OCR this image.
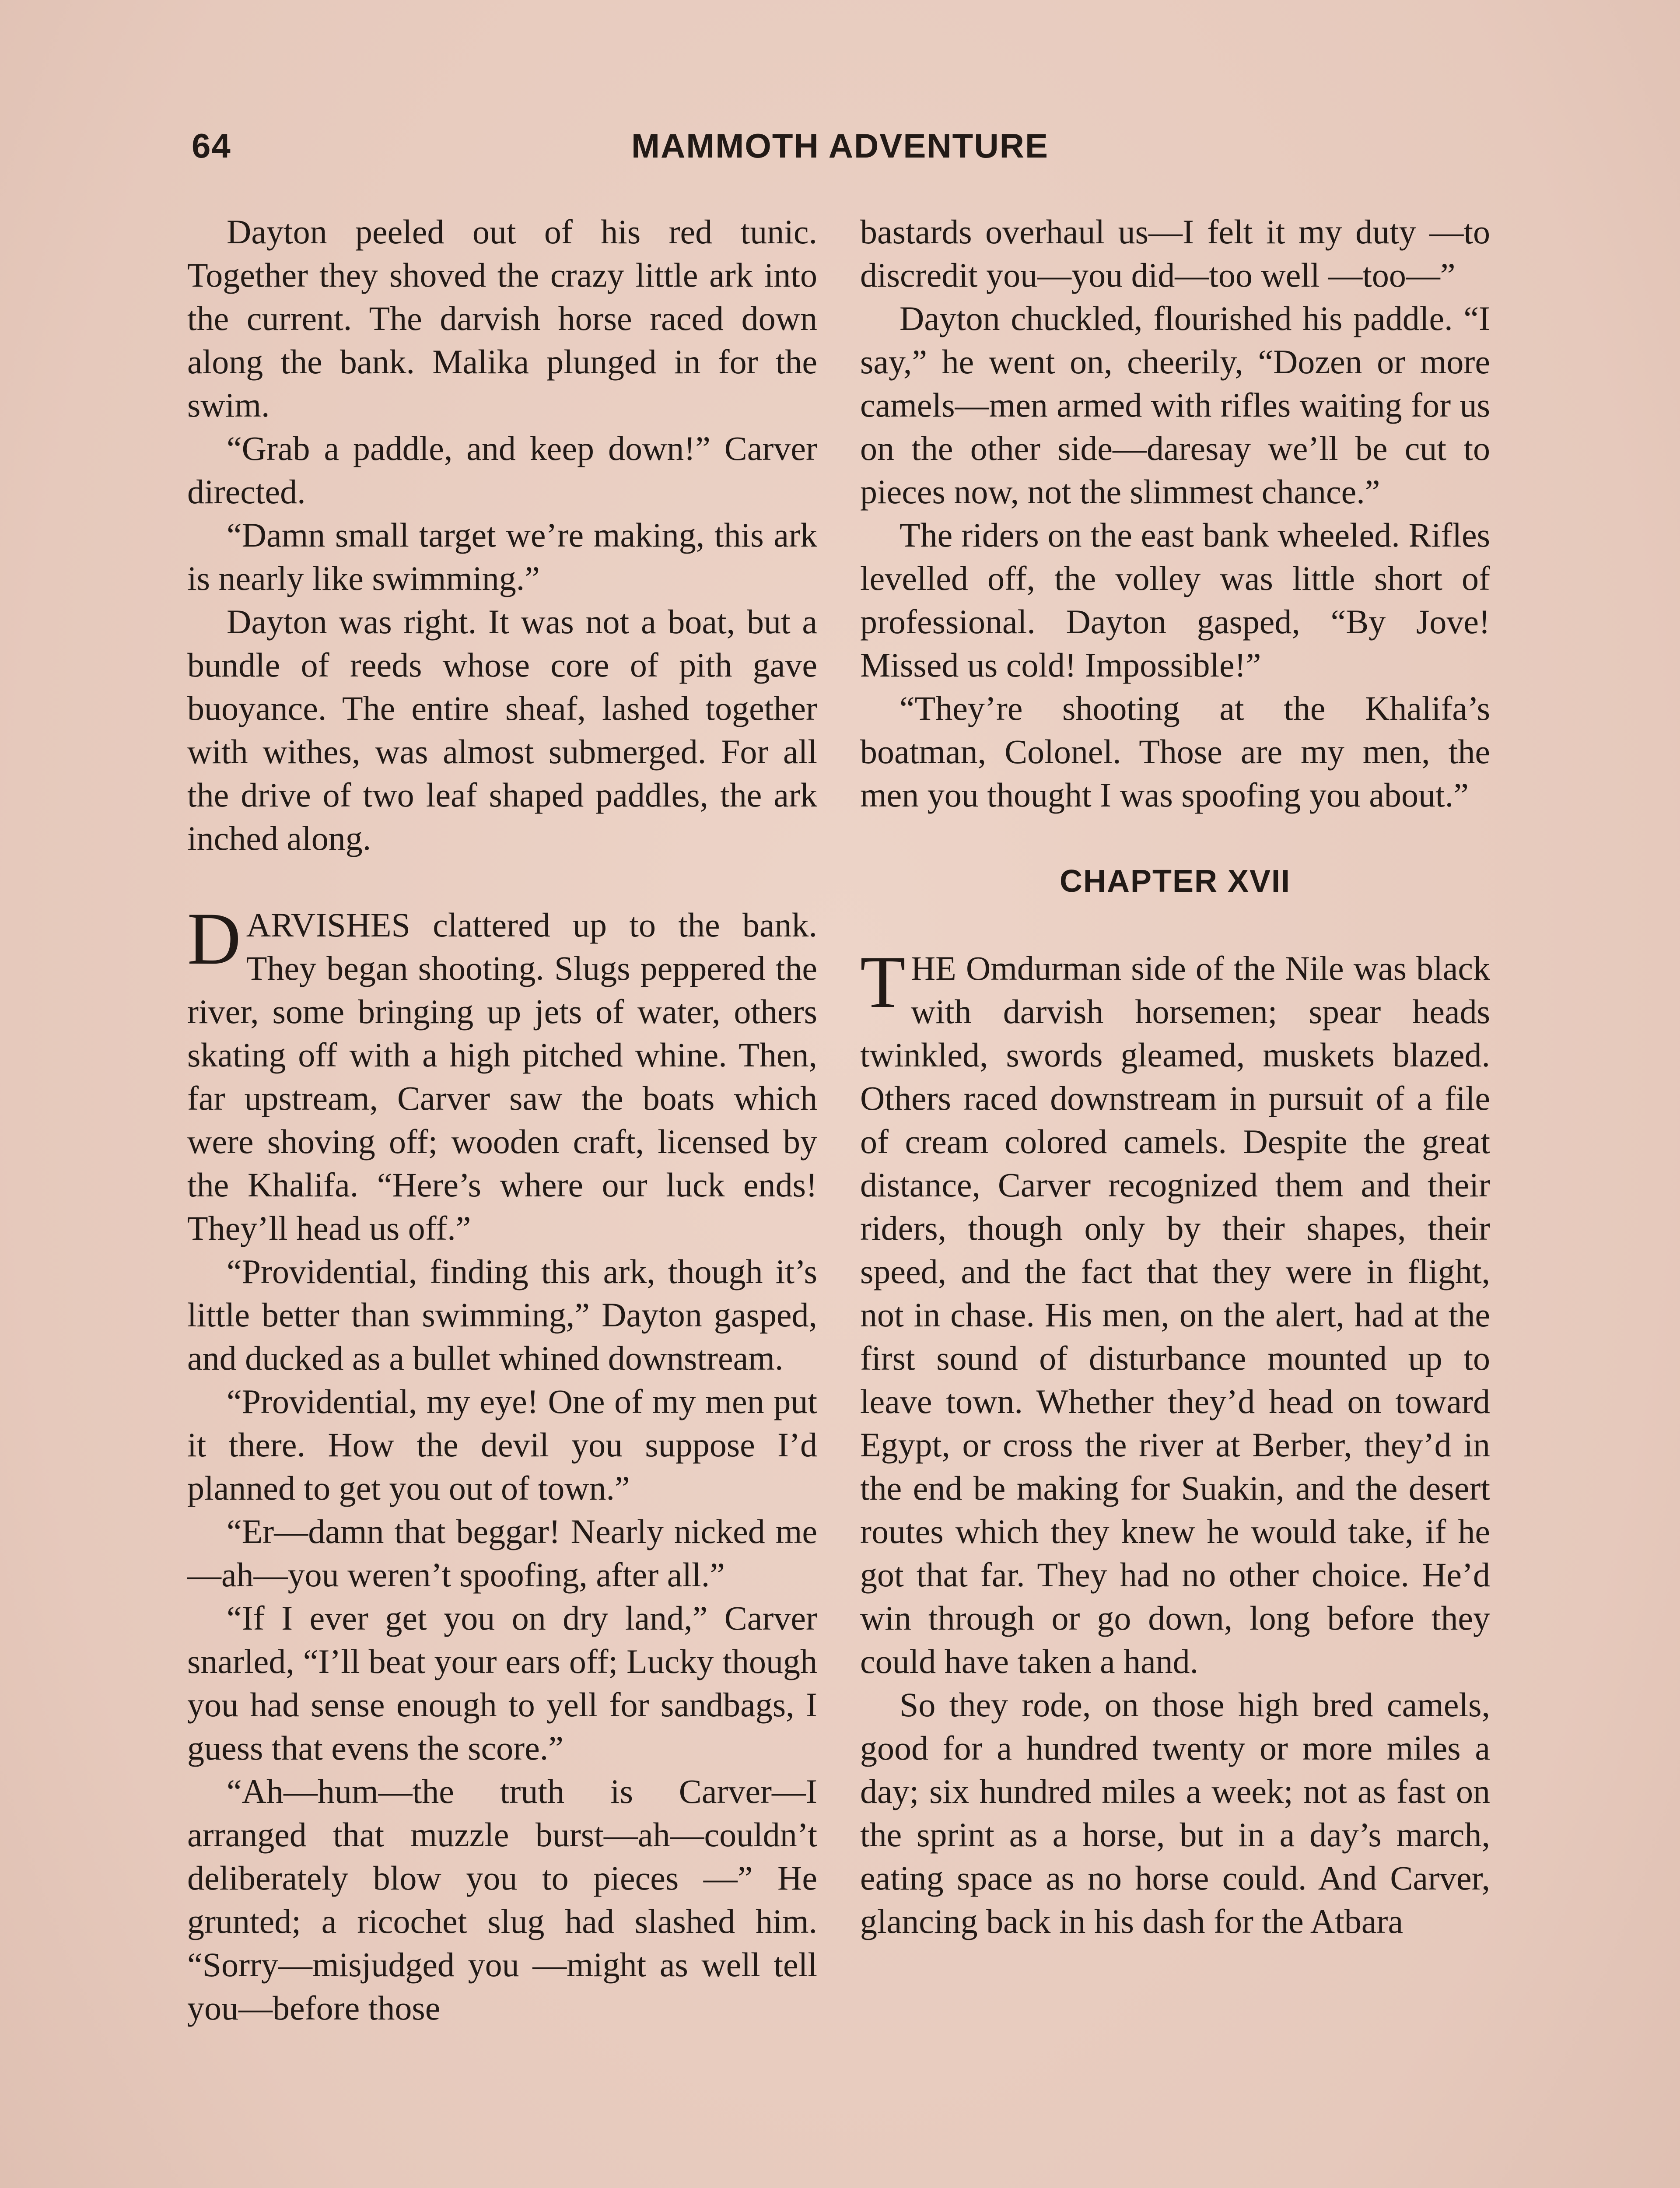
64	MAMMOTH ADVENTURE

Dayton peeled out of his red tunic. Together they shoved the crazy little ark into the current. The darvish horse raced down along the bank. Malika plunged in for the swim.

“Grab a paddle, and keep down!” Carver directed.

“Damn small target we’re making, this ark is nearly like swimming.”

Dayton was right. It was not a boat, but a bundle of reeds whose core of pith gave buoyance. The entire sheaf, lashed together with withes, was almost submerged. For all the drive of two leaf shaped paddles, the ark inched along.

DARVISHES clattered up to the bank. They began shooting. Slugs peppered the river, some bringing up jets of water, others skating off with a high pitched whine. Then, far upstream, Carver saw the boats which were shoving off; wooden craft, licensed by the Khalifa. “Here’s where our luck ends! They’ll head us off.”

“Providential, finding this ark, though it’s little better than swimming,” Dayton gasped, and ducked as a bullet whined downstream.

“Providential, my eye! One of my men put it there. How the devil you suppose I’d planned to get you out of town.”

“Er—damn that beggar! Nearly nicked me—ah—you weren’t spoofing, after all.”

“If I ever get you on dry land,” Carver snarled, “I’ll beat your ears off; Lucky though you had sense enough to yell for sandbags, I guess that evens the score.”

“Ah—hum—the truth is Carver—I arranged that muzzle burst—ah—couldn’t deliberately blow you to pieces —” He grunted; a ricochet slug had slashed him. “Sorry—misjudged you —might as well tell you—before those

bastards overhaul us—I felt it my duty —to discredit you—you did—too well —too—”

Dayton chuckled, flourished his paddle. “I say,” he went on, cheerily, “Dozen or more camels—men armed with rifles waiting for us on the other side—daresay we’ll be cut to pieces now, not the slimmest chance.”

The riders on the east bank wheeled. Rifles levelled off, the volley was little short of professional. Dayton gasped, “By Jove! Missed us cold! Impossible!”

“They’re shooting at the Khalifa’s boatman, Colonel. Those are my men, the men you thought I was spoofing you about.”

CHAPTER XVII

THE Omdurman side of the Nile was black with darvish horsemen; spear heads twinkled, swords gleamed, muskets blazed. Others raced downstream in pursuit of a file of cream colored camels. Despite the great distance, Carver recognized them and their riders, though only by their shapes, their speed, and the fact that they were in flight, not in chase. His men, on the alert, had at the first sound of disturbance mounted up to leave town. Whether they’d head on toward Egypt, or cross the river at Berber, they’d in the end be making for Suakin, and the desert routes which they knew he would take, if he got that far. They had no other choice. He’d win through or go down, long before they could have taken a hand.

So they rode, on those high bred camels, good for a hundred twenty or more miles a day; six hundred miles a week; not as fast on the sprint as a horse, but in a day’s march, eating space as no horse could. And Carver, glancing back in his dash for the Atbara
